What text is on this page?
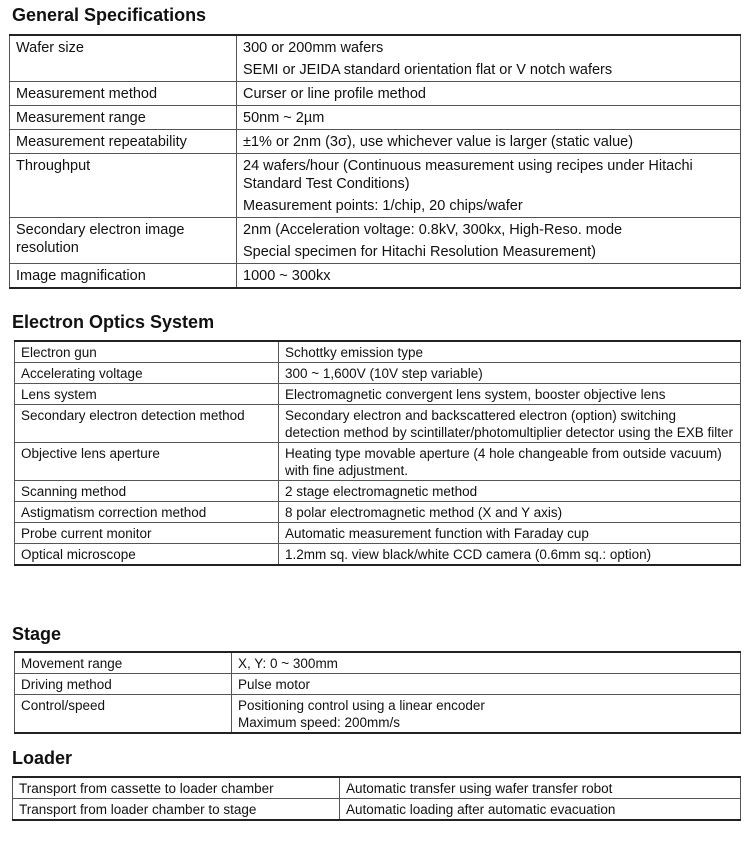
General Specifications
Wafer size	300 or 200mm wafers
SEMI or JEIDA standard orientation flat or V notch wafers

Measurement method	Curser or line profile method
Measurement range	50nm ~ 2µm
Measurement repeatability	±1% or 2nm (3σ), use whichever value is larger (static value)
Throughput	24 wafers/hour (Continuous measurement using recipes under Hitachi Standard Test Conditions)
Measurement points: 1/chip, 20 chips/wafer

Secondary electron image resolution	2nm (Acceleration voltage: 0.8kV, 300kx, High-Reso. mode
Special specimen for Hitachi Resolution Measurement)

Image magnification	1000 ~ 300kx
Electron Optics System
Electron gun	Schottky emission type
Accelerating voltage	300 ~ 1,600V (10V step variable)
Lens system	Electromagnetic convergent lens system, booster objective lens
Secondary electron detection method	Secondary electron and backscattered electron (option) switching detection method by scintillater/photomultiplier detector using the EXB filter
Objective lens aperture	Heating type movable aperture (4 hole changeable from outside vacuum) with fine adjustment.
Scanning method	2 stage electromagnetic method
Astigmatism correction method	8 polar electromagnetic method (X and Y axis)
Probe current monitor	Automatic measurement function with Faraday cup
Optical microscope	1.2mm sq. view black/white CCD camera (0.6mm sq.: option)
Stage
Movement range	X, Y: 0 ~ 300mm
Driving method	Pulse motor
Control/speed	Positioning control using a linear encoder
Maximum speed: 200mm/s
Loader
Transport from cassette to loader chamber	Automatic transfer using wafer transfer robot
Transport from loader chamber to stage	Automatic loading after automatic evacuation
